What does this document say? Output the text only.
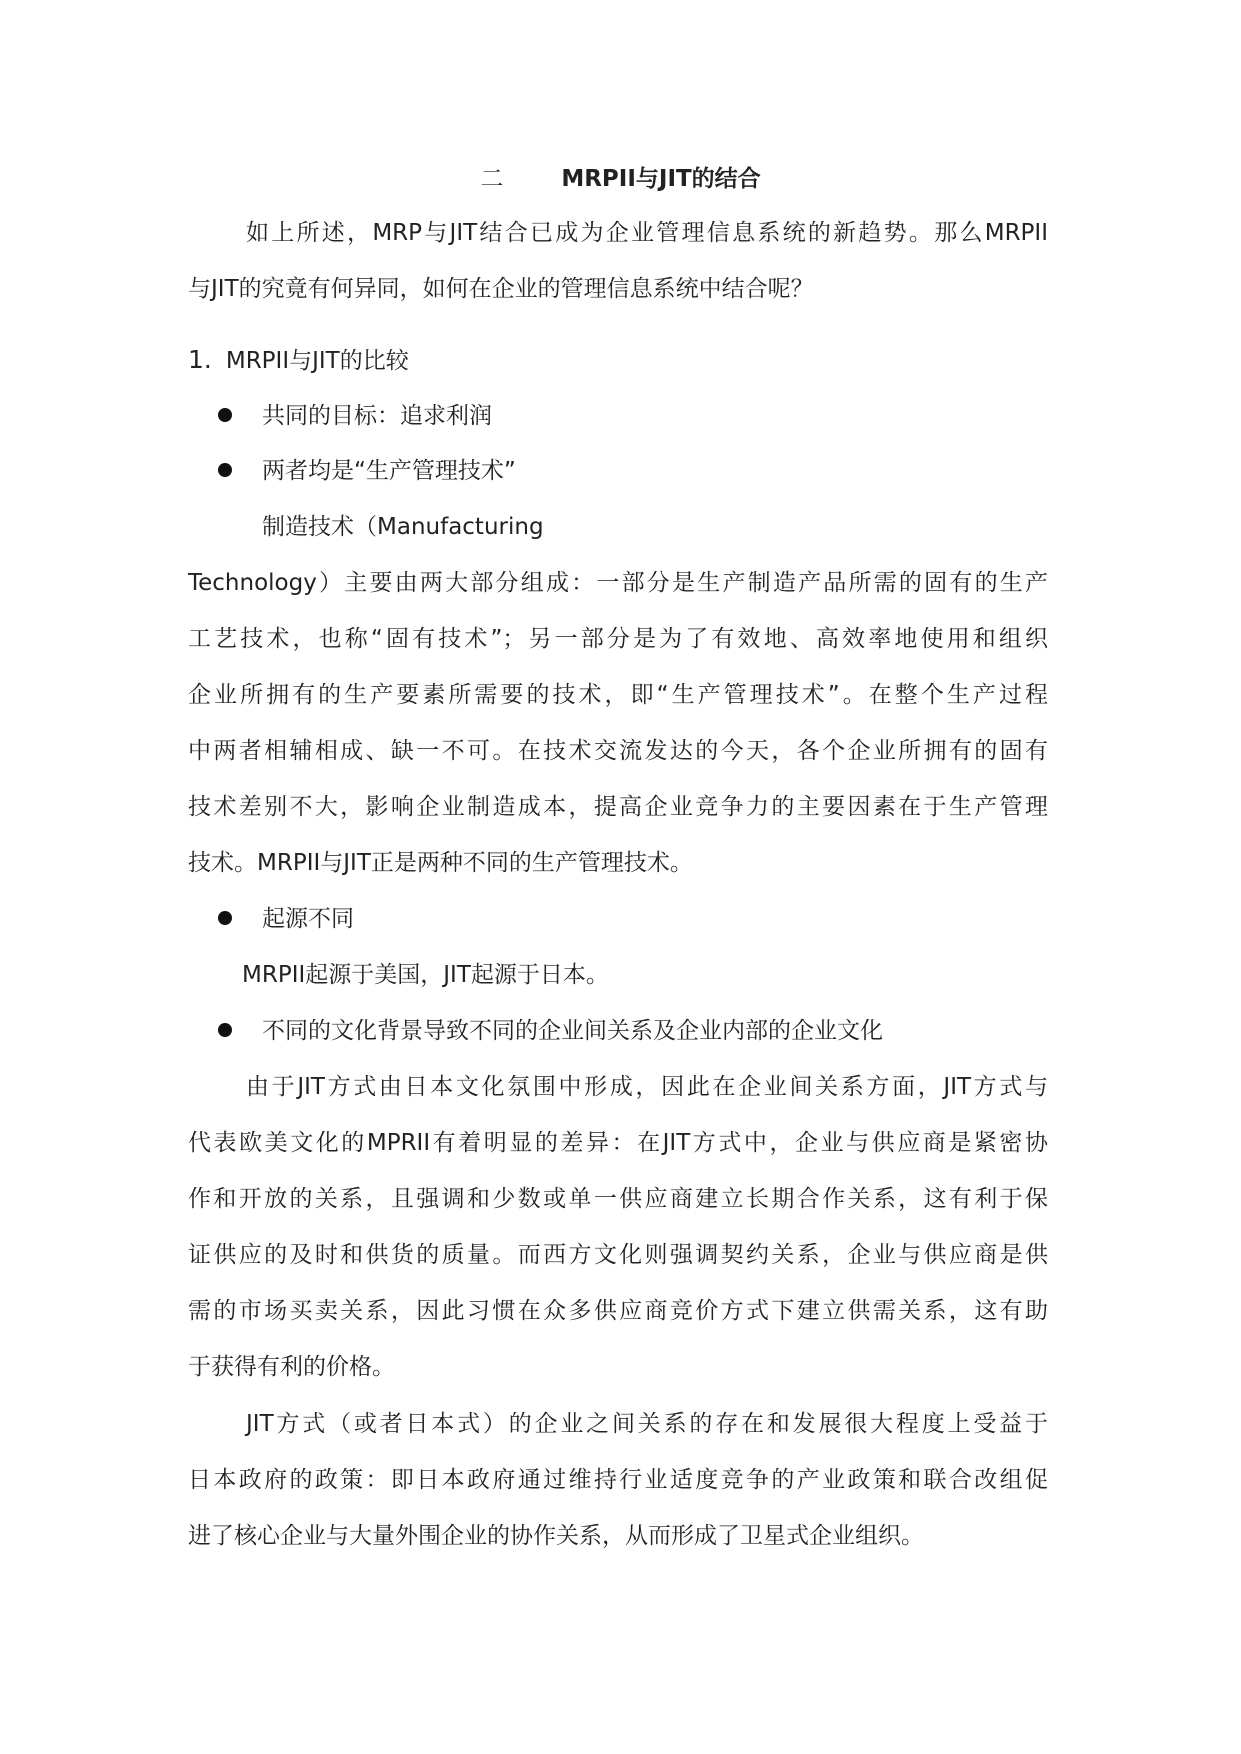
二	MRPII与JIT的结合
如上所述，MRP与JIT结合已成为企业管理信息系统的新趋势。那么MRPII
与JIT的究竟有何异同，如何在企业的管理信息系统中结合呢？
1. MRPII与JIT的比较
共同的目标：追求利润
两者均是“生产管理技术”
制造技术（Manufacturing
Technology）主要由两大部分组成：一部分是生产制造产品所需的固有的生产
工艺技术，也称“固有技术”；另一部分是为了有效地、高效率地使用和组织
企业所拥有的生产要素所需要的技术，即“生产管理技术”。在整个生产过程
中两者相辅相成、缺一不可。在技术交流发达的今天，各个企业所拥有的固有
技术差别不大，影响企业制造成本，提高企业竞争力的主要因素在于生产管理
技术。MRPII与JIT正是两种不同的生产管理技术。
起源不同
MRPII起源于美国，JIT起源于日本。
不同的文化背景导致不同的企业间关系及企业内部的企业文化
由于JIT方式由日本文化氛围中形成，因此在企业间关系方面，JIT方式与
代表欧美文化的MPRII有着明显的差异：在JIT方式中，企业与供应商是紧密协
作和开放的关系，且强调和少数或单一供应商建立长期合作关系，这有利于保
证供应的及时和供货的质量。而西方文化则强调契约关系，企业与供应商是供
需的市场买卖关系，因此习惯在众多供应商竞价方式下建立供需关系，这有助
于获得有利的价格。
JIT方式（或者日本式）的企业之间关系的存在和发展很大程度上受益于
日本政府的政策：即日本政府通过维持行业适度竞争的产业政策和联合改组促
进了核心企业与大量外围企业的协作关系，从而形成了卫星式企业组织。
